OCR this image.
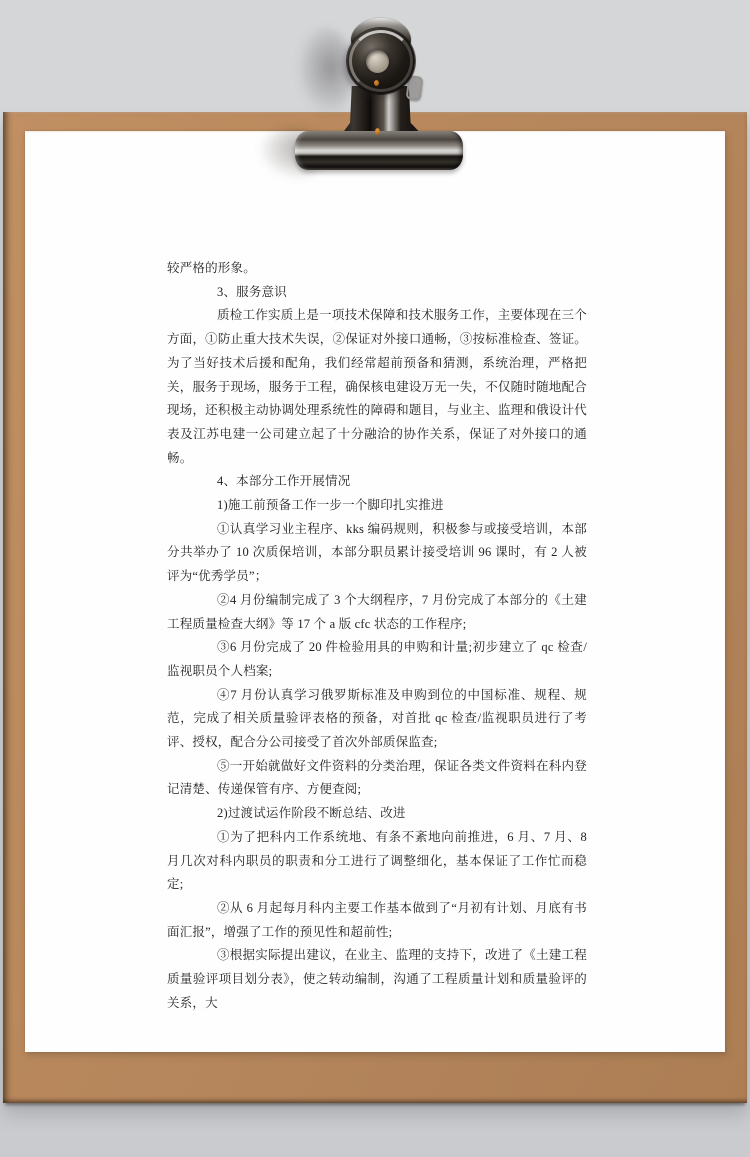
较严格的形象。

3、服务意识

质检工作实质上是一项技术保障和技术服务工作，主要体现在三个方面，①防止重大技术失误，②保证对外接口通畅，③按标准检查、签证。为了当好技术后援和配角，我们经常超前预备和猜测，系统治理，严格把关，服务于现场，服务于工程，确保核电建设万无一失，不仅随时随地配合现场，还积极主动协调处理系统性的障碍和题目，与业主、监理和俄设计代表及江苏电建一公司建立起了十分融洽的协作关系，保证了对外接口的通畅。

4、本部分工作开展情况

1)施工前预备工作一步一个脚印扎实推进

①认真学习业主程序、kks 编码规则，积极参与或接受培训，本部分共举办了 10 次质保培训，本部分职员累计接受培训 96 课时，有 2 人被评为“优秀学员”；

②4 月份编制完成了 3 个大纲程序，7 月份完成了本部分的《土建工程质量检查大纲》等 17 个 a 版 cfc 状态的工作程序;

③6 月份完成了 20 件检验用具的申购和计量;初步建立了 qc 检查/监视职员个人档案;

④7 月份认真学习俄罗斯标准及申购到位的中国标准、规程、规范，完成了相关质量验评表格的预备，对首批 qc 检查/监视职员进行了考评、授权，配合分公司接受了首次外部质保监查;

⑤一开始就做好文件资料的分类治理，保证各类文件资料在科内登记清楚、传递保管有序、方便查阅;

2)过渡试运作阶段不断总结、改进

①为了把科内工作系统地、有条不紊地向前推进，6 月、7 月、8 月几次对科内职员的职责和分工进行了调整细化，基本保证了工作忙而稳定;

②从 6 月起每月科内主要工作基本做到了“月初有计划、月底有书面汇报”，增强了工作的预见性和超前性;

③根据实际提出建议，在业主、监理的支持下，改进了《土建工程质量验评项目划分表》，使之转动编制，沟通了工程质量计划和质量验评的关系，大
